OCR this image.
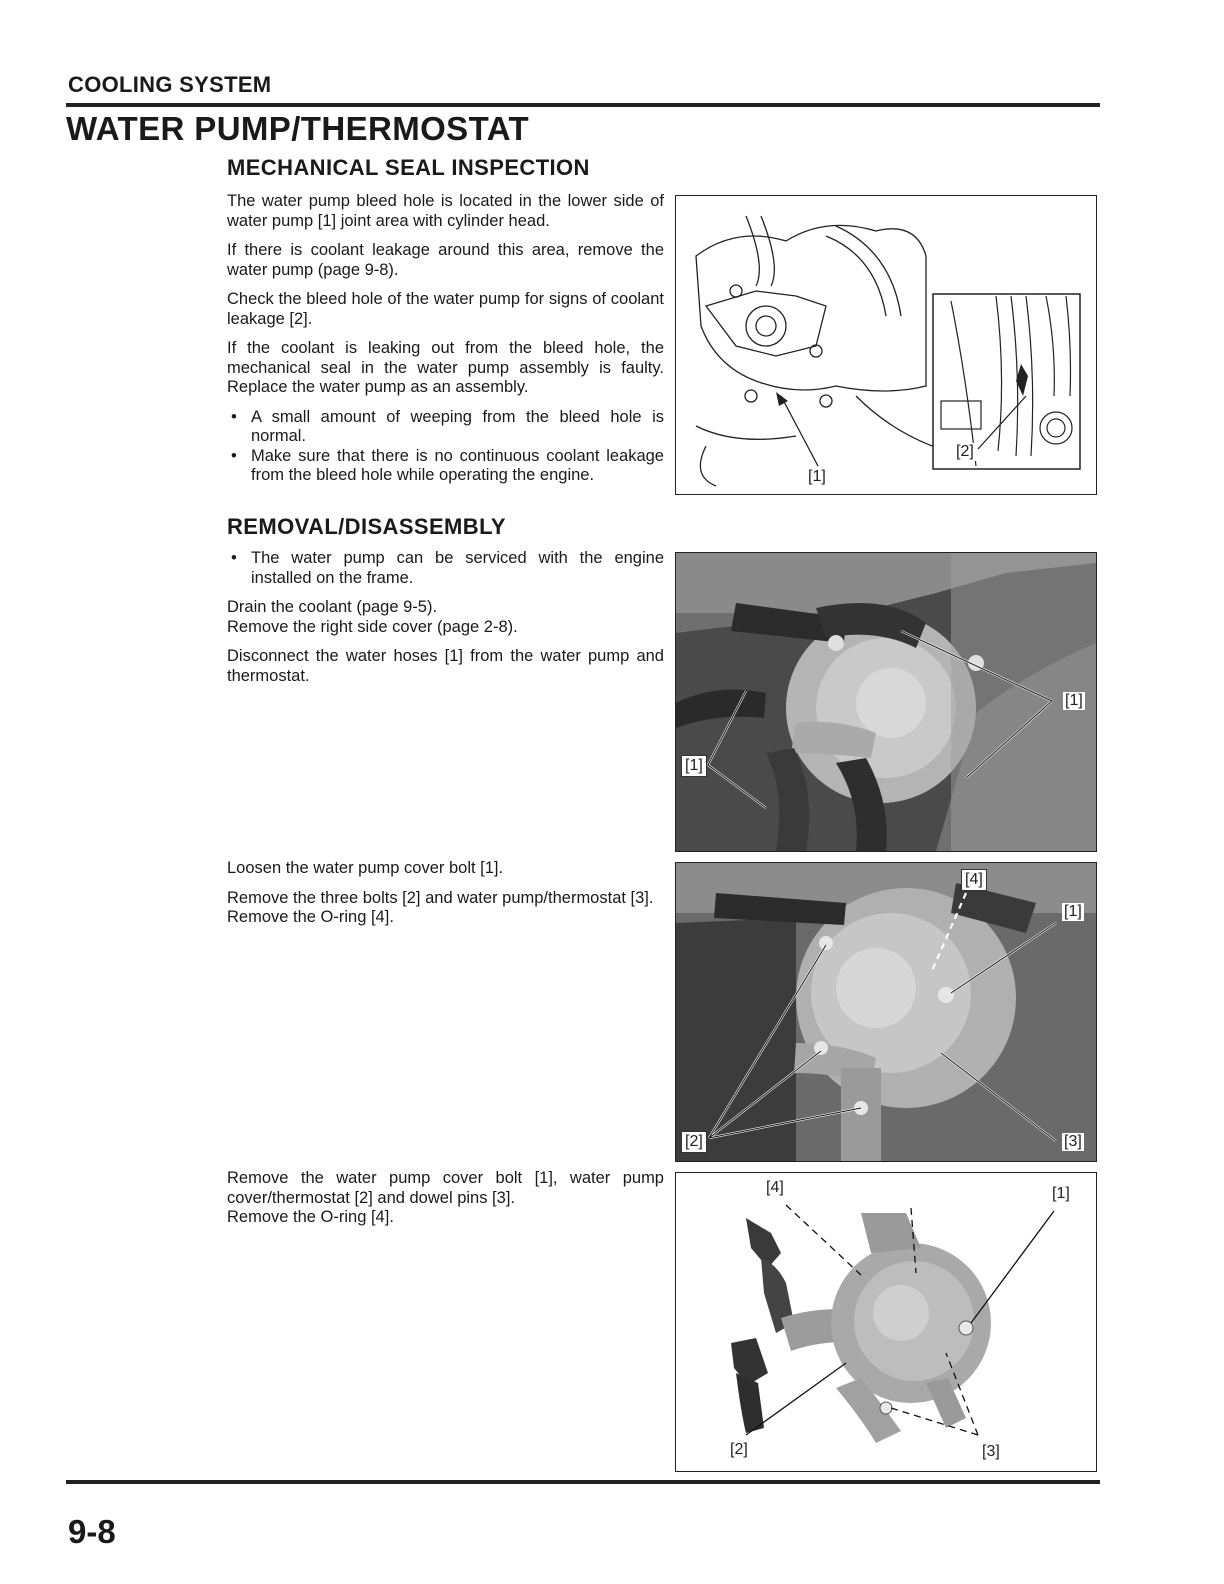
COOLING SYSTEM
WATER PUMP/THERMOSTAT
MECHANICAL SEAL INSPECTION

The water pump bleed hole is located in the lower side of water pump [1] joint area with cylinder head.

If there is coolant leakage around this area, remove the water pump (page 9-8).

Check the bleed hole of the water pump for signs of coolant leakage [2].

If the coolant is leaking out from the bleed hole, the mechanical seal in the water pump assembly is faulty. Replace the water pump as an assembly.

• A small amount of weeping from the bleed hole is normal.

• Make sure that there is no continuous coolant leakage from the bleed hole while operating the engine.

[2]
[1]
REMOVAL/DISASSEMBLY

• The water pump can be serviced with the engine installed on the frame.

Drain the coolant (page 9-5).

Remove the right side cover (page 2-8).

Disconnect the water hoses [1] from the water pump and thermostat.

[1]
[1]

Loosen the water pump cover bolt [1].

Remove the three bolts [2] and water pump/thermostat [3].

Remove the O-ring [4].

[4]
[1]
[2]	[3]

Remove the water pump cover bolt [1], water pump cover/thermostat [2] and dowel pins [3].

Remove the O-ring [4].

[4]	[1]
[2]	[3]
9-8
